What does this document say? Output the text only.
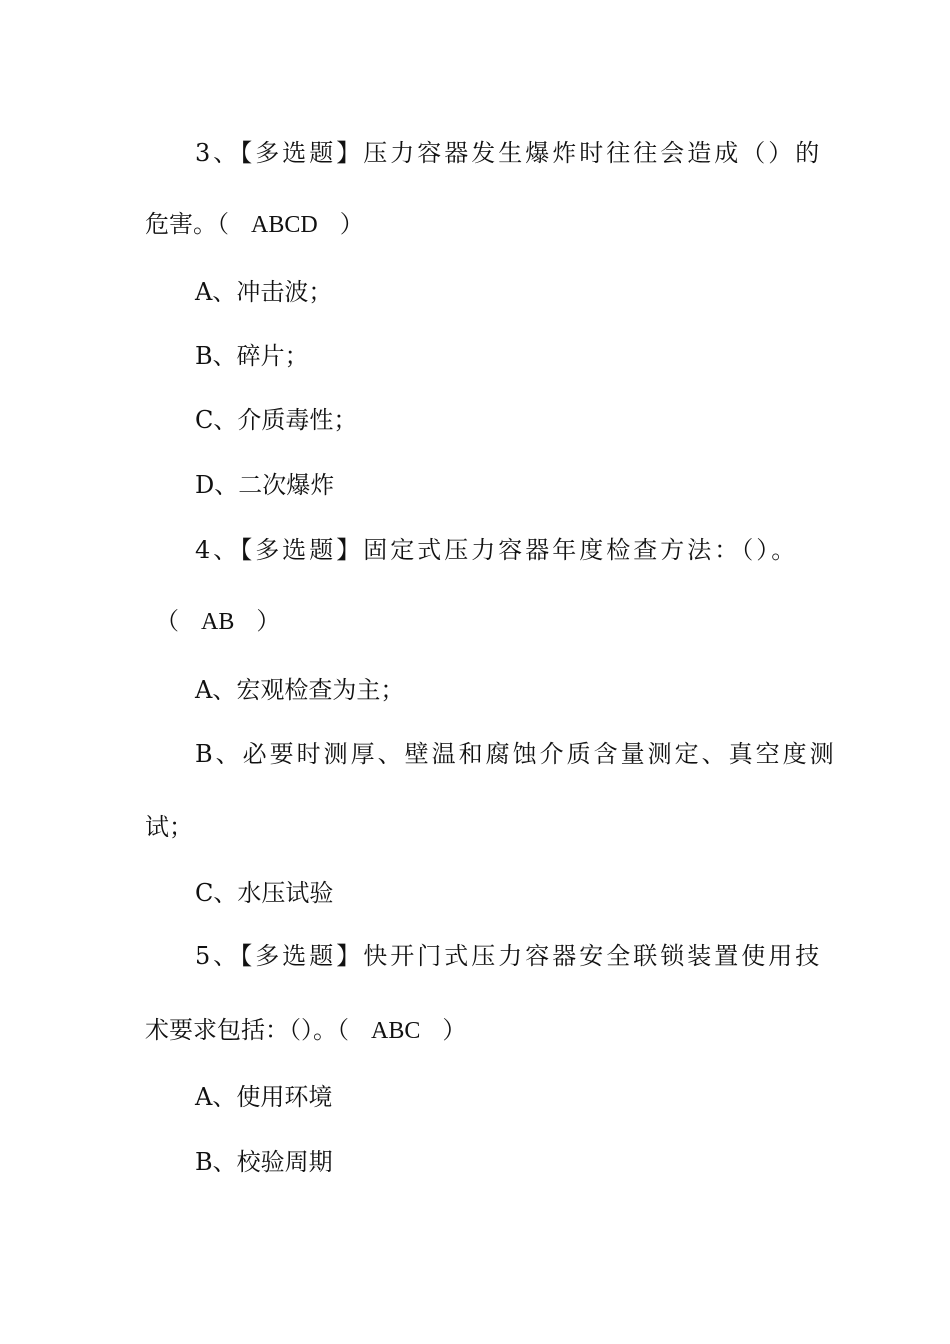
3、【多选题】压力容器发生爆炸时往往会造成（）的
危害。（ ABCD ）
A、冲击波；
B、碎片；
C、介质毒性；
D、二次爆炸
4、【多选题】固定式压力容器年度检查方法：（）。
（ AB ）
A、宏观检查为主；
B、必要时测厚、壁温和腐蚀介质含量测定、真空度测
试；
C、水压试验
5、【多选题】快开门式压力容器安全联锁装置使用技
术要求包括：（）。（ ABC ）
A、使用环境
B、校验周期
